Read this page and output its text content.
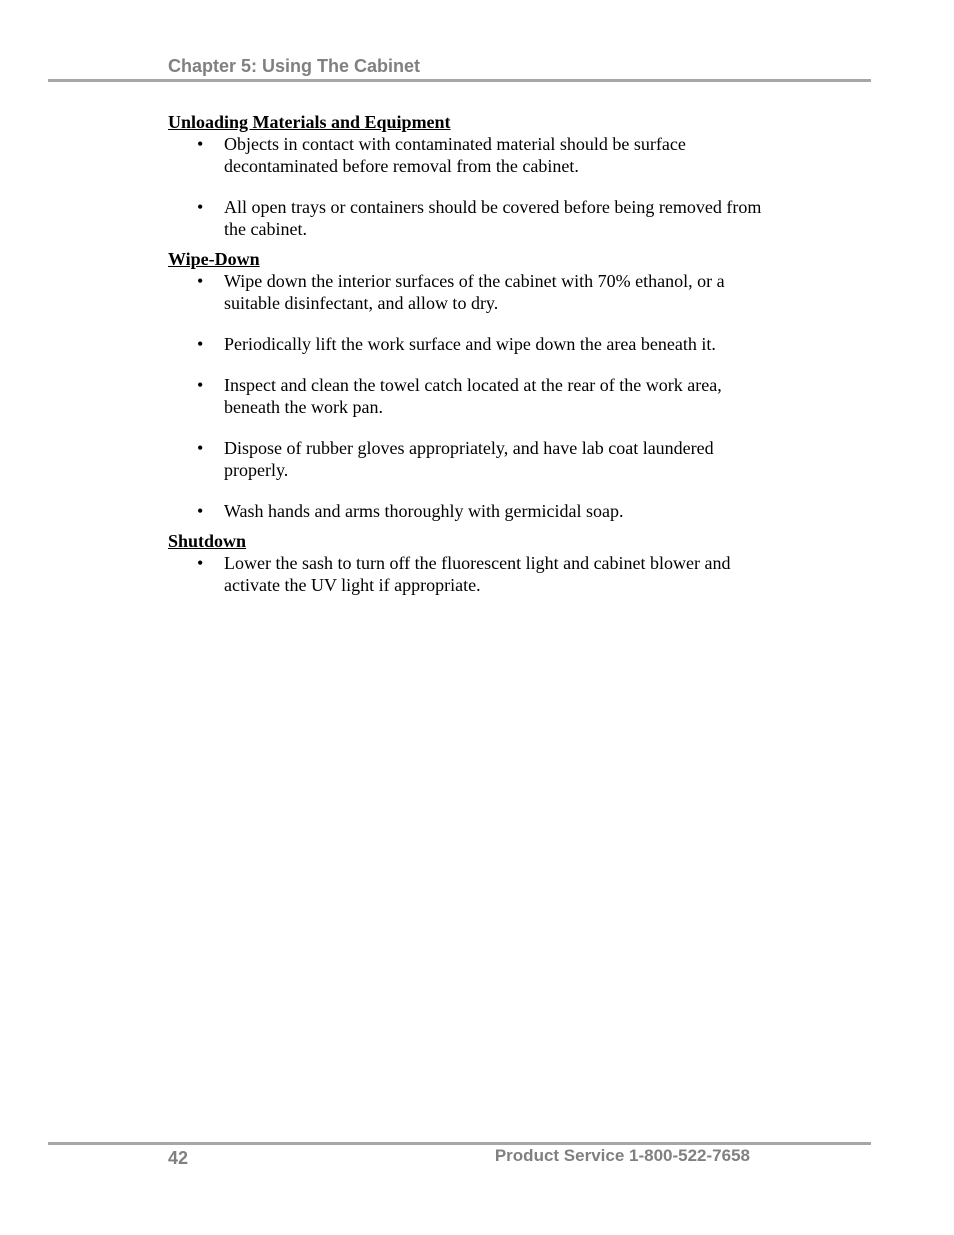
Chapter 5: Using The Cabinet
Unloading Materials and Equipment
• Objects in contact with contaminated material should be surface decontaminated before removal from the cabinet.
• All open trays or containers should be covered before being removed from the cabinet.
Wipe-Down
• Wipe down the interior surfaces of the cabinet with 70% ethanol, or a suitable disinfectant, and allow to dry.
• Periodically lift the work surface and wipe down the area beneath it.
• Inspect and clean the towel catch located at the rear of the work area, beneath the work pan.
• Dispose of rubber gloves appropriately, and have lab coat laundered properly.
• Wash hands and arms thoroughly with germicidal soap.
Shutdown
• Lower the sash to turn off the fluorescent light and cabinet blower and activate the UV light if appropriate.
42	Product Service 1-800-522-7658
